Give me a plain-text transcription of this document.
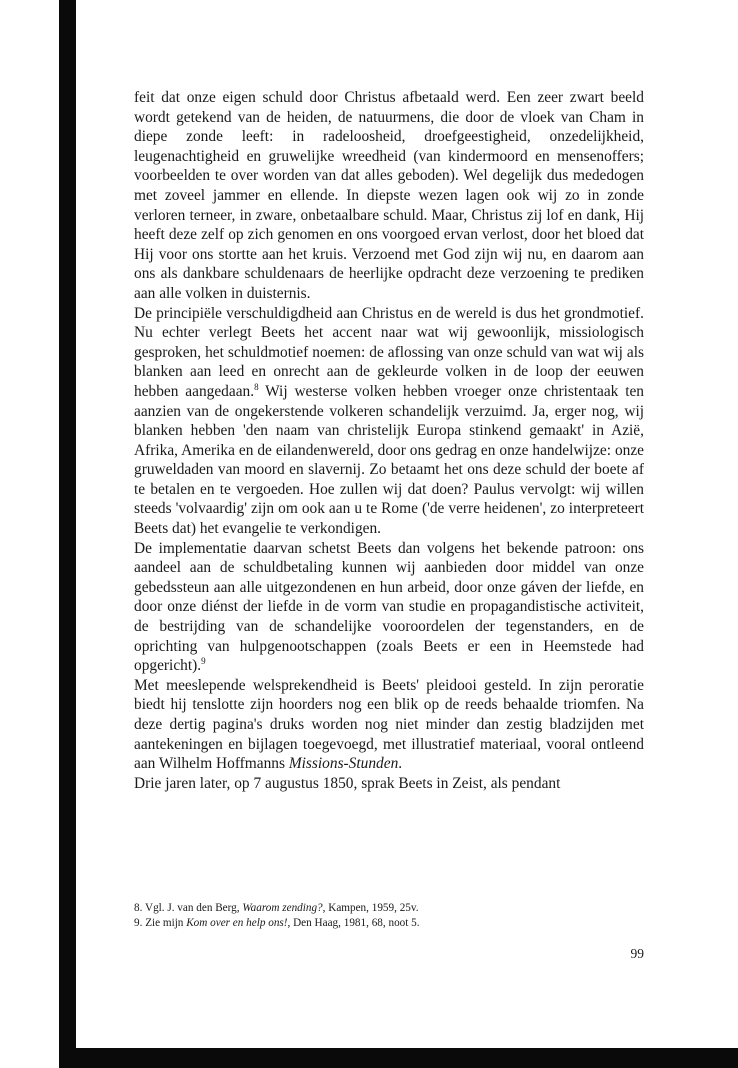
feit dat onze eigen schuld door Christus afbetaald werd. Een zeer zwart beeld wordt getekend van de heiden, de natuurmens, die door de vloek van Cham in diepe zonde leeft: in radeloosheid, droefgeestigheid, onzedelijkheid, leugenachtigheid en gruwelijke wreedheid (van kindermoord en mensenoffers; voorbeelden te over worden van dat alles geboden). Wel degelijk dus mededogen met zoveel jammer en ellende. In diepste wezen lagen ook wij zo in zonde verloren terneer, in zware, onbetaalbare schuld. Maar, Christus zij lof en dank, Hij heeft deze zelf op zich genomen en ons voorgoed ervan verlost, door het bloed dat Hij voor ons stortte aan het kruis. Verzoend met God zijn wij nu, en daarom aan ons als dankbare schuldenaars de heerlijke opdracht deze verzoening te prediken aan alle volken in duisternis.

De principiële verschuldigdheid aan Christus en de wereld is dus het grondmotief. Nu echter verlegt Beets het accent naar wat wij gewoonlijk, missiologisch gesproken, het schuldmotief noemen: de aflossing van onze schuld van wat wij als blanken aan leed en onrecht aan de gekleurde volken in de loop der eeuwen hebben aangedaan.$^8$ Wij westerse volken hebben vroeger onze christentaak ten aanzien van de ongekerstende volkeren schandelijk verzuimd. Ja, erger nog, wij blanken hebben 'den naam van christelijk Europa stinkend gemaakt' in Azië, Afrika, Amerika en de eilandenwereld, door ons gedrag en onze handelwijze: onze gruweldaden van moord en slavernij. Zo betaamt het ons deze schuld der boete af te betalen en te vergoeden. Hoe zullen wij dat doen? Paulus vervolgt: wij willen steeds 'volvaardig' zijn om ook aan u te Rome ('de verre heidenen', zo interpreteert Beets dat) het evangelie te verkondigen.

De implementatie daarvan schetst Beets dan volgens het bekende patroon: ons aandeel aan de schuldbetaling kunnen wij aanbieden door middel van onze gebedssteun aan alle uitgezondenen en hun arbeid, door onze gáven der liefde, en door onze diénst der liefde in de vorm van studie en propagandistische activiteit, de bestrijding van de schandelijke vooroordelen der tegenstanders, en de oprichting van hulpgenootschappen (zoals Beets er een in Heemstede had opgericht).$^9$

Met meeslepende welsprekendheid is Beets' pleidooi gesteld. In zijn peroratie biedt hij tenslotte zijn hoorders nog een blik op de reeds behaalde triomfen. Na deze dertig pagina's druks worden nog niet minder dan zestig bladzijden met aantekeningen en bijlagen toegevoegd, met illustratief materiaal, vooral ontleend aan Wilhelm Hoffmanns Missions-Stunden.

Drie jaren later, op 7 augustus 1850, sprak Beets in Zeist, als pendant

8. Vgl. J. van den Berg, Waarom zending?, Kampen, 1959, 25v.

9. Zie mijn Kom over en help ons!, Den Haag, 1981, 68, noot 5.

99
